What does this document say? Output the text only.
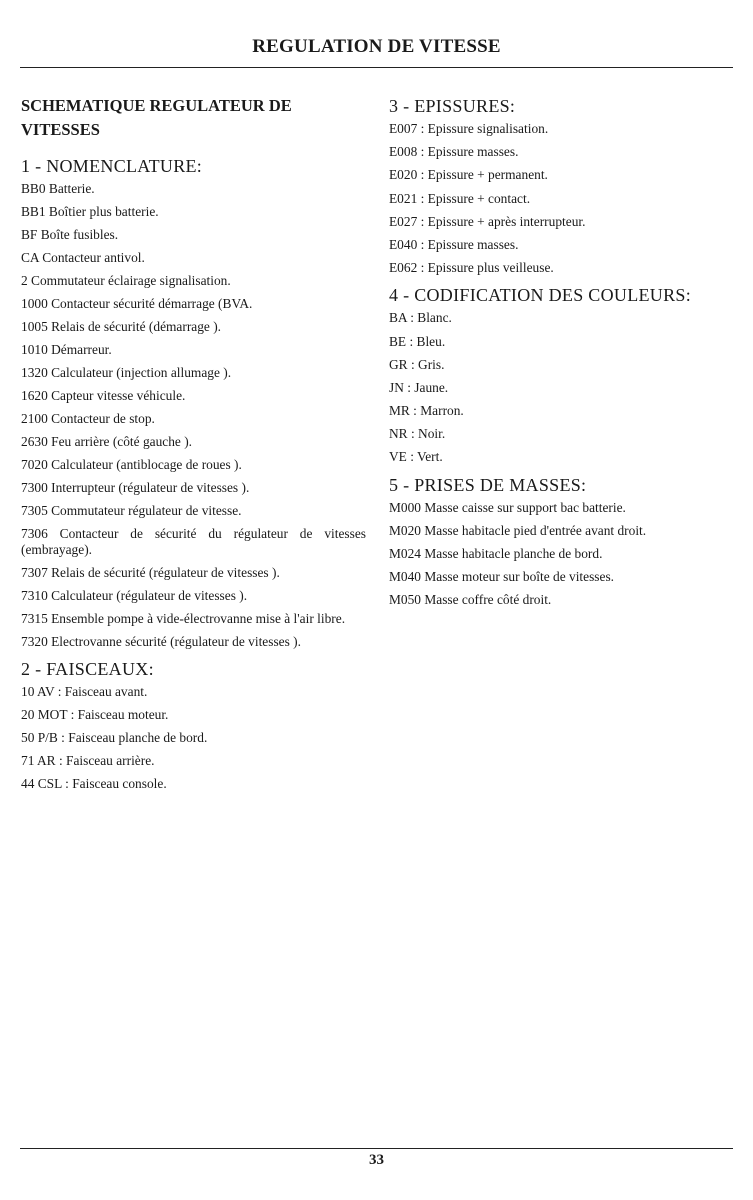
REGULATION DE VITESSE
SCHEMATIQUE REGULATEUR DE VITESSES
1 - NOMENCLATURE:
BB0 Batterie.
BB1 Boîtier plus batterie.
BF Boîte fusibles.
CA Contacteur antivol.
2 Commutateur éclairage signalisation.
1000 Contacteur sécurité démarrage (BVA.
1005 Relais de sécurité (démarrage ).
1010 Démarreur.
1320 Calculateur (injection allumage ).
1620 Capteur vitesse véhicule.
2100 Contacteur de stop.
2630 Feu arrière (côté gauche ).
7020 Calculateur (antiblocage de roues ).
7300 Interrupteur (régulateur de vitesses ).
7305 Commutateur régulateur de vitesse.
7306 Contacteur de sécurité du régulateur de vitesses (embrayage).
7307 Relais de sécurité (régulateur de vitesses ).
7310 Calculateur (régulateur de vitesses ).
7315 Ensemble pompe à vide-électrovanne mise à l'air libre.
7320 Electrovanne sécurité (régulateur de vitesses ).
2 - FAISCEAUX:
10 AV : Faisceau avant.
20 MOT : Faisceau moteur.
50 P/B : Faisceau planche de bord.
71 AR : Faisceau arrière.
44 CSL : Faisceau console.
3 - EPISSURES:
E007 : Epissure signalisation.
E008 : Epissure masses.
E020 : Epissure + permanent.
E021 : Epissure + contact.
E027 : Epissure + après interrupteur.
E040 : Epissure masses.
E062 : Epissure plus veilleuse.
4 - CODIFICATION DES COULEURS:
BA : Blanc.
BE : Bleu.
GR : Gris.
JN : Jaune.
MR : Marron.
NR : Noir.
VE : Vert.
5 - PRISES DE MASSES:
M000 Masse caisse sur support bac batterie.
M020 Masse habitacle pied d'entrée avant droit.
M024 Masse habitacle planche de bord.
M040 Masse moteur sur boîte de vitesses.
M050 Masse coffre côté droit.
33
